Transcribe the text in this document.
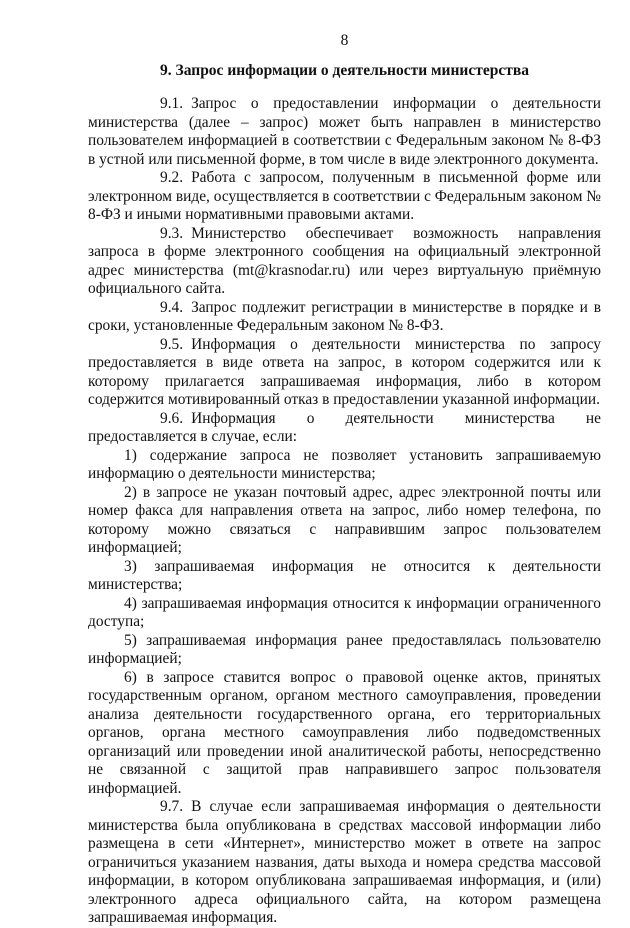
8
9. Запрос информации о деятельности министерства

9.1. Запрос о предоставлении информации о деятельности министерства (далее – запрос) может быть направлен в министерство пользователем информацией в соответствии с Федеральным законом № 8-ФЗ в устной или письменной форме, в том числе в виде электронного документа.

9.2. Работа с запросом, полученным в письменной форме или электронном виде, осуществляется в соответствии с Федеральным законом № 8-ФЗ и иными нормативными правовыми актами.

9.3. Министерство обеспечивает возможность направления запроса в форме электронного сообщения на официальный электронной адрес министерства (mt@krasnodar.ru) или через виртуальную приёмную официального сайта.

9.4. Запрос подлежит регистрации в министерстве в порядке и в сроки, установленные Федеральным законом № 8-ФЗ.

9.5. Информация о деятельности министерства по запросу предоставляется в виде ответа на запрос, в котором содержится или к которому прилагается запрашиваемая информация, либо в котором содержится мотивированный отказ в предоставлении указанной информации.

9.6. Информация о деятельности министерства не предоставляется в случае, если:

1) содержание запроса не позволяет установить запрашиваемую информацию о деятельности министерства;

2) в запросе не указан почтовый адрес, адрес электронной почты или номер факса для направления ответа на запрос, либо номер телефона, по которому можно связаться с направившим запрос пользователем информацией;

3) запрашиваемая информация не относится к деятельности министерства;

4) запрашиваемая информация относится к информации ограниченного доступа;

5) запрашиваемая информация ранее предоставлялась пользователю информацией;

6) в запросе ставится вопрос о правовой оценке актов, принятых государственным органом, органом местного самоуправления, проведении анализа деятельности государственного органа, его территориальных органов, органа местного самоуправления либо подведомственных организаций или проведении иной аналитической работы, непосредственно не связанной с защитой прав направившего запрос пользователя информацией.

9.7. В случае если запрашиваемая информация о деятельности министерства была опубликована в средствах массовой информации либо размещена в сети «Интернет», министерство может в ответе на запрос ограничиться указанием названия, даты выхода и номера средства массовой информации, в котором опубликована запрашиваемая информация, и (или) электронного адреса официального сайта, на котором размещена запрашиваемая информация.
